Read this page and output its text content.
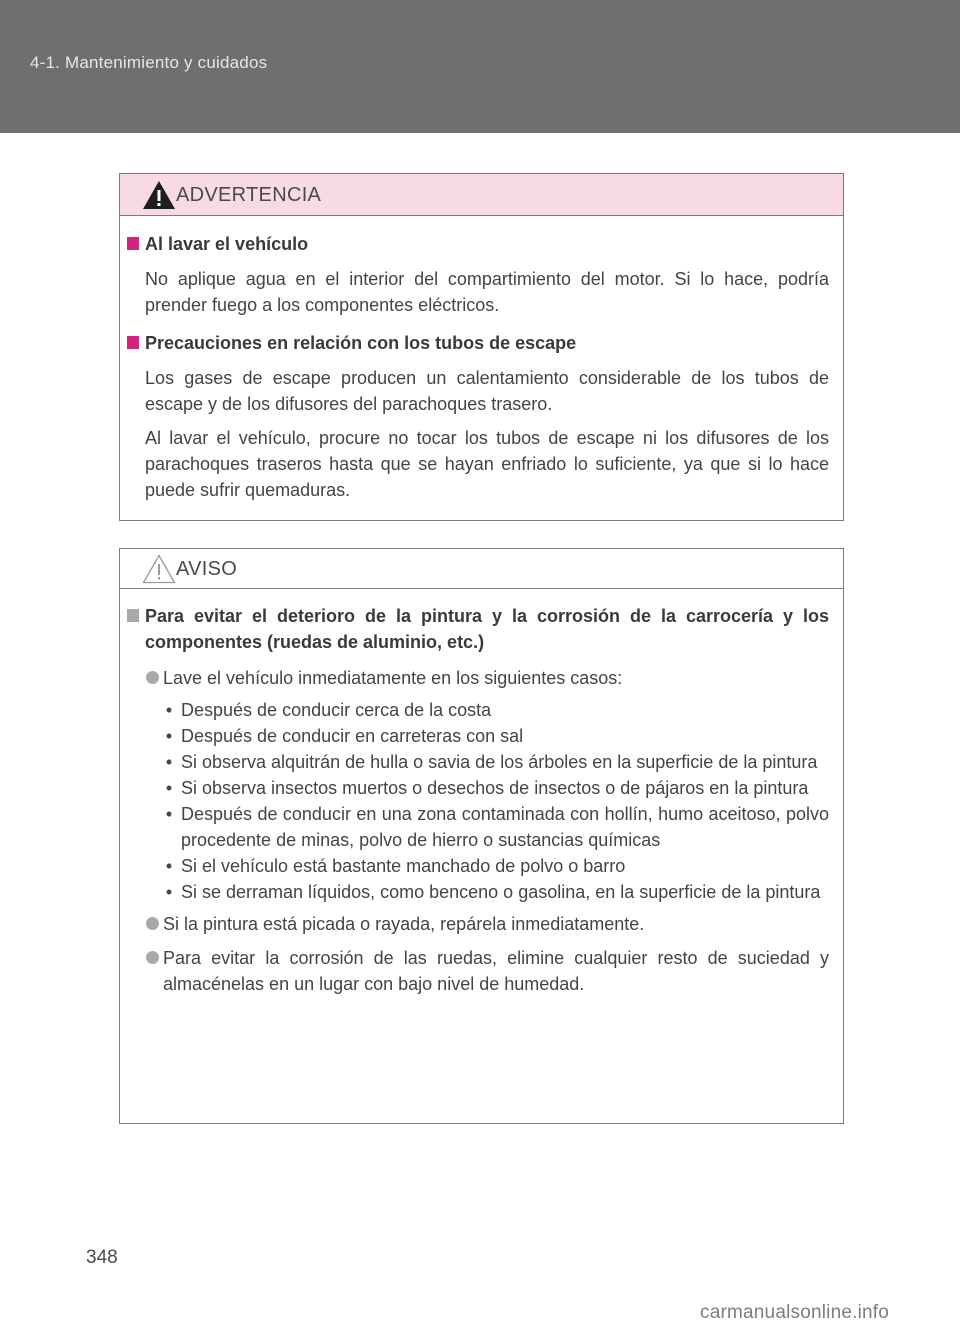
4-1. Mantenimiento y cuidados
ADVERTENCIA
Al lavar el vehículo

No aplique agua en el interior del compartimiento del motor. Si lo hace, podría prender fuego a los componentes eléctricos.

Precauciones en relación con los tubos de escape

Los gases de escape producen un calentamiento considerable de los tubos de escape y de los difusores del parachoques trasero.

Al lavar el vehículo, procure no tocar los tubos de escape ni los difusores de los parachoques traseros hasta que se hayan enfriado lo suficiente, ya que si lo hace puede sufrir quemaduras.

AVISO
Para evitar el deterioro de la pintura y la corrosión de la carrocería y los componentes (ruedas de aluminio, etc.)
Lave el vehículo inmediatamente en los siguientes casos:
• Después de conducir cerca de la costa
• Después de conducir en carreteras con sal
• Si observa alquitrán de hulla o savia de los árboles en la superficie de la pintura
• Si observa insectos muertos o desechos de insectos o de pájaros en la pintura
• Después de conducir en una zona contaminada con hollín, humo aceitoso, polvo procedente de minas, polvo de hierro o sustancias químicas
• Si el vehículo está bastante manchado de polvo o barro
• Si se derraman líquidos, como benceno o gasolina, en la superficie de la pintura
Si la pintura está picada o rayada, repárela inmediatamente.
Para evitar la corrosión de las ruedas, elimine cualquier resto de suciedad y almacénelas en un lugar con bajo nivel de humedad.
348
carmanualsonline.info
